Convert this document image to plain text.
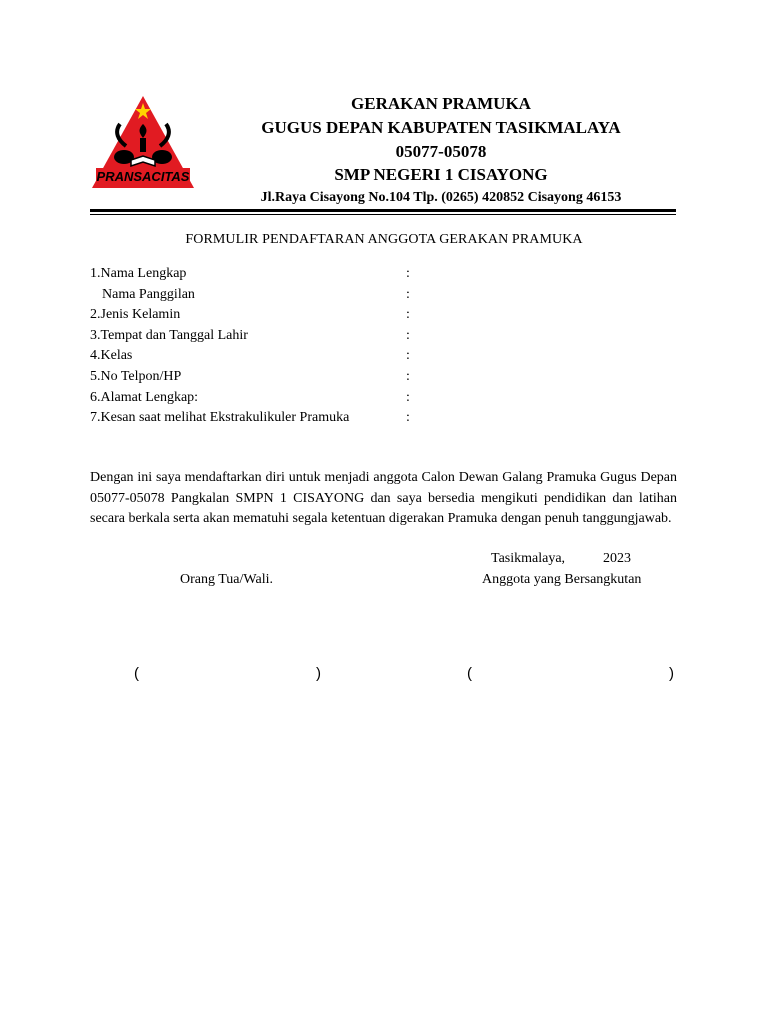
PRANSACITAS
GERAKAN PRAMUKA
GUGUS DEPAN KABUPATEN TASIKMALAYA
05077-05078
SMP NEGERI 1 CISAYONG
Jl.Raya Cisayong No.104 Tlp. (0265) 420852 Cisayong 46153
FORMULIR PENDAFTARAN ANGGOTA GERAKAN PRAMUKA
1.Nama Lengkap	:
Nama Panggilan	:
2.Jenis Kelamin	:
3.Tempat dan Tanggal Lahir	:
4.Kelas	:
5.No Telpon/HP	:
6.Alamat Lengkap:	:
7.Kesan saat melihat Ekstrakulikuler Pramuka	:
Dengan ini saya mendaftarkan diri untuk menjadi anggota Calon Dewan Galang Pramuka Gugus Depan 05077-05078 Pangkalan SMPN 1 CISAYONG dan saya bersedia mengikuti pendidikan dan latihan secara berkala serta akan mematuhi segala ketentuan digerakan Pramuka dengan penuh tanggungjawab.
Tasikmalaya,	2023
Orang Tua/Wali.	Anggota yang Bersangkutan
(	)	(	)
